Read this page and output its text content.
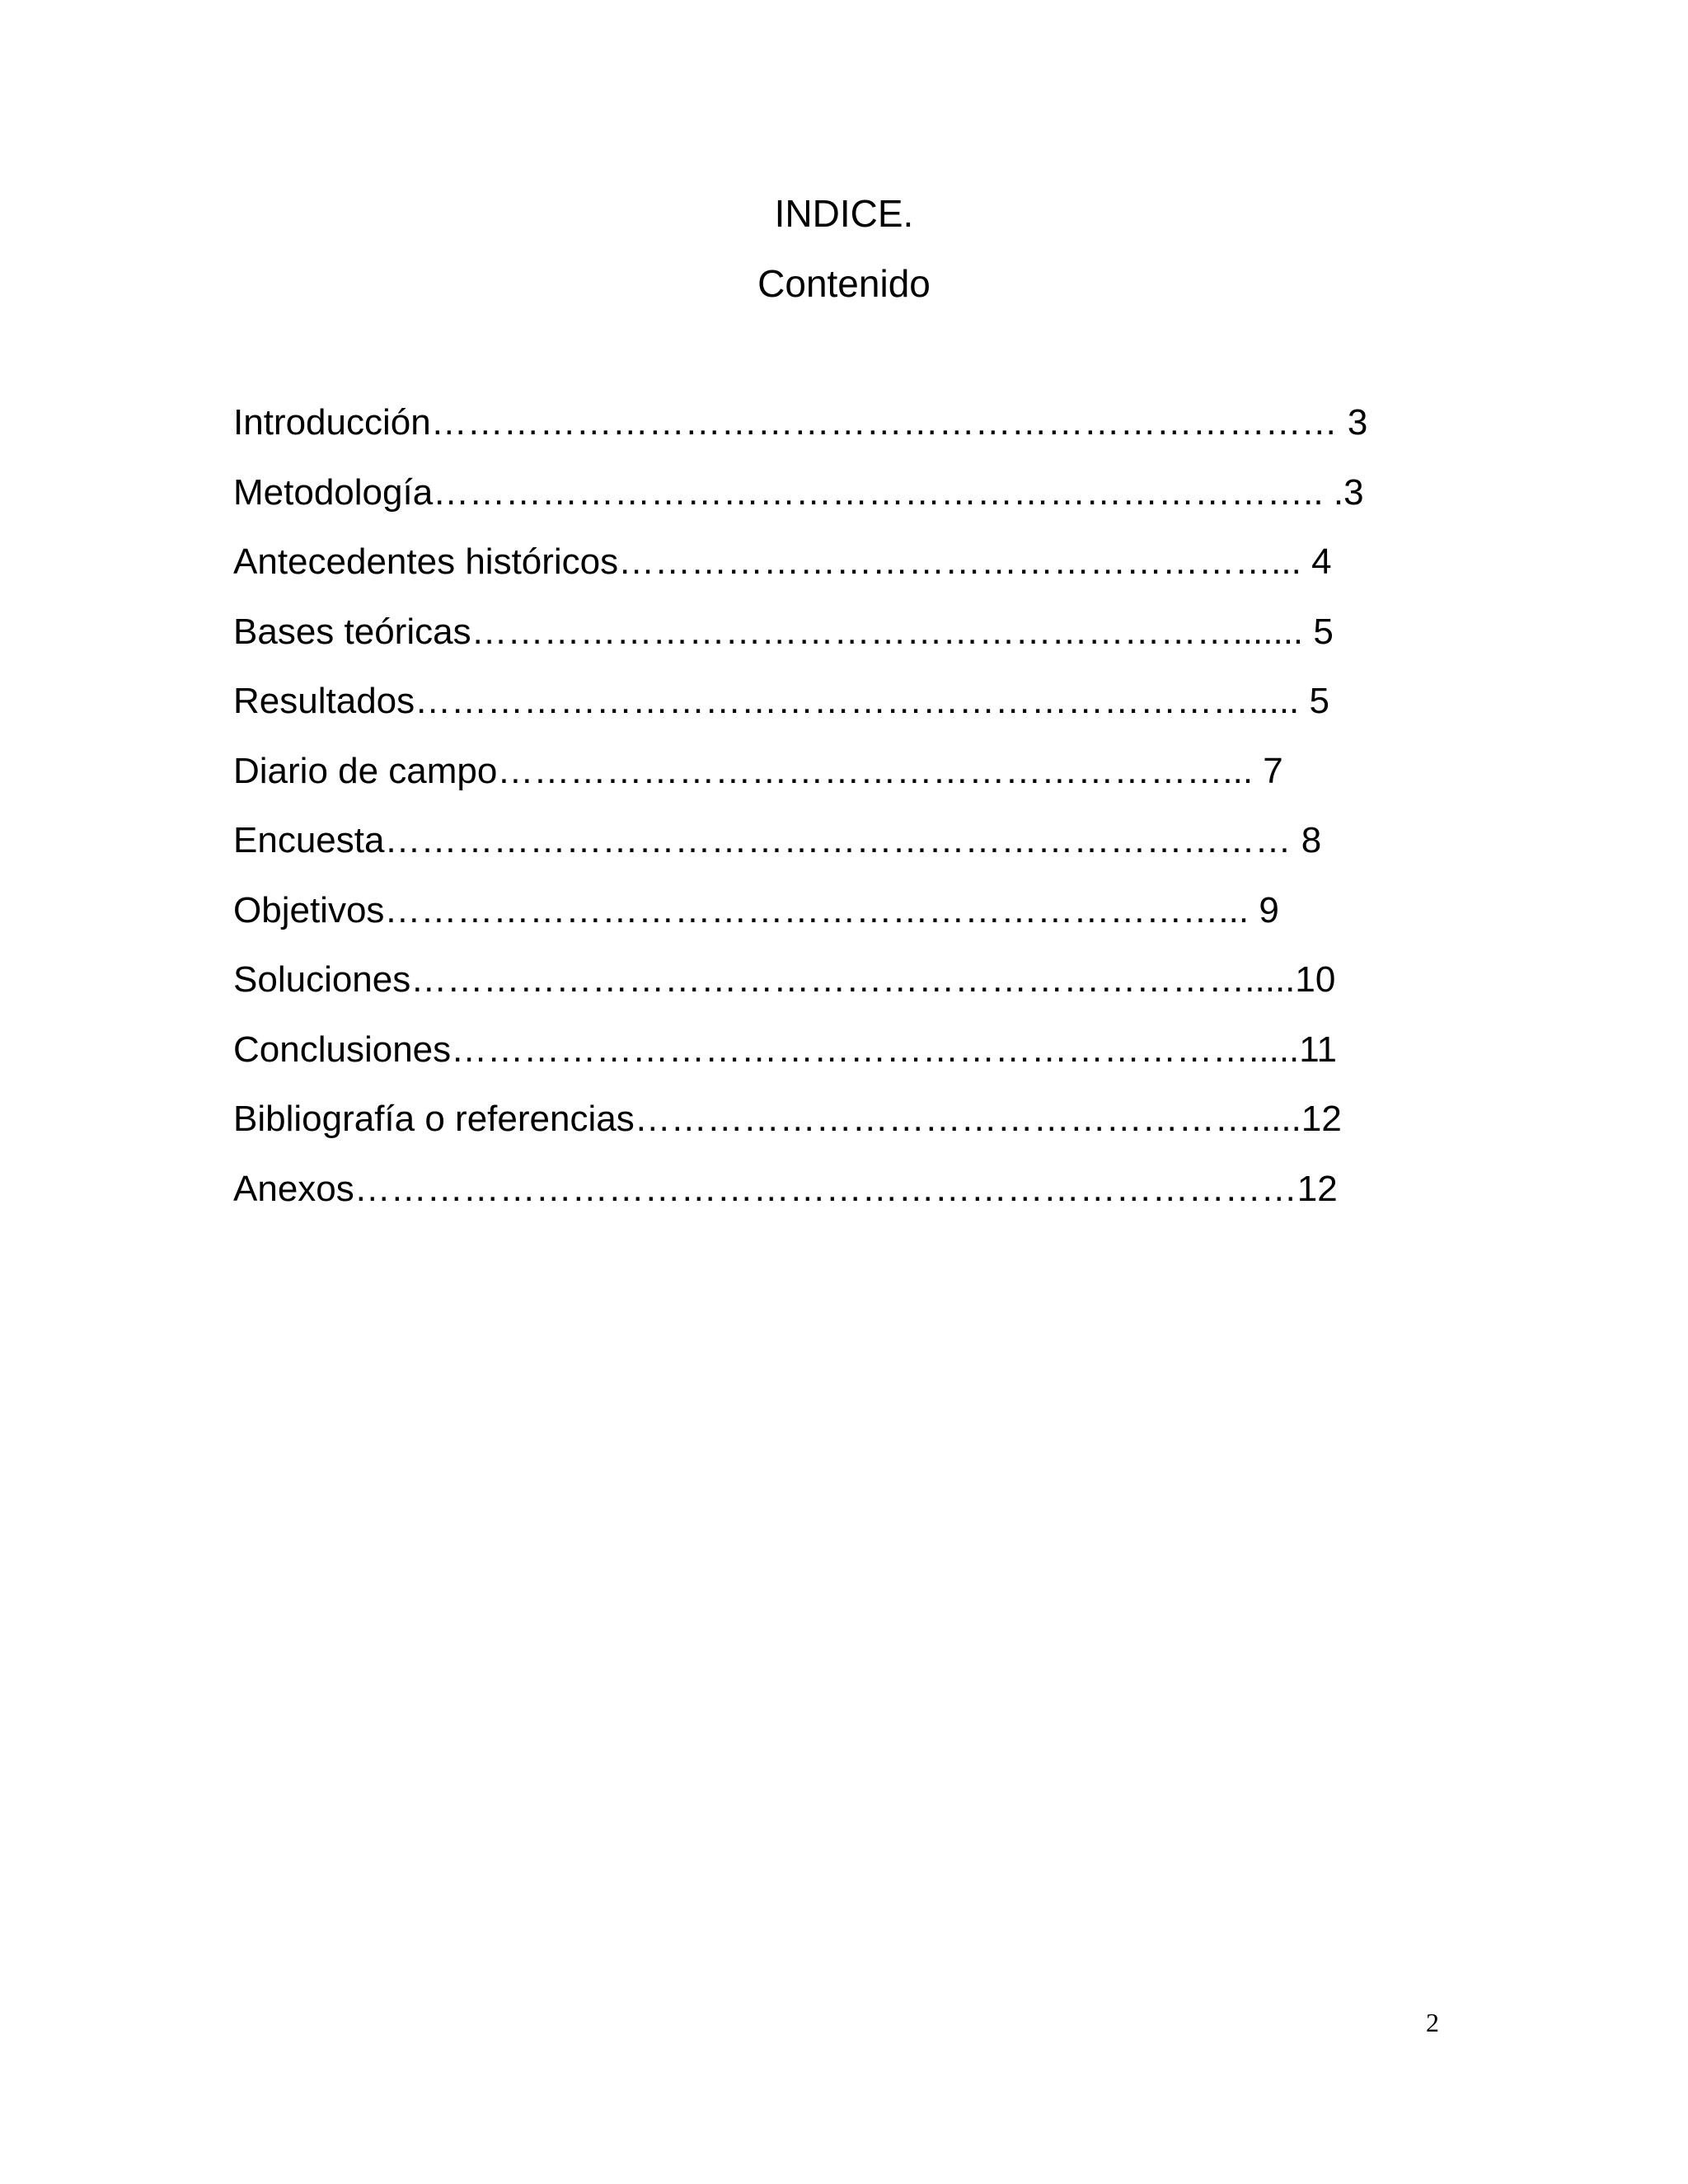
INDICE.
Contenido
Introducción………………………………………………………………… 3
Metodología……………………………………………………………….. .3
Antecedentes históricos………………………………………………... 4
Bases teóricas………………………………………………………....... 5
Resultados……………………………………………………………..... 5
Diario de campo……………………………………………………... 7
Encuesta………………………………………………………………… 8
Objetivos……………………………………………………………... 9
Soluciones…………………………………………………………….....10
Conclusiones………………………………………………………….....11
Bibliografía o referencias…………………………………………….....12
Anexos……………………………………………………………………12
2
